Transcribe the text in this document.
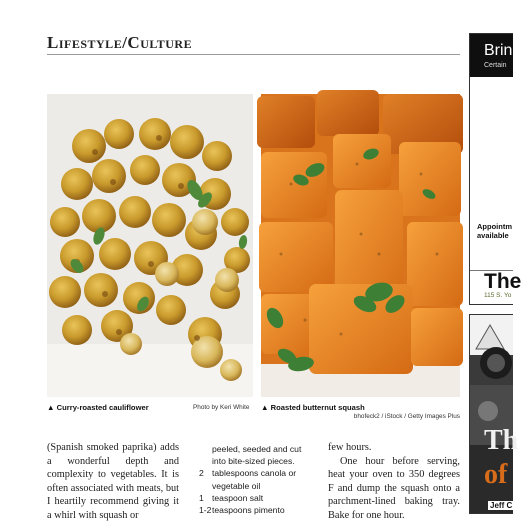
Lifestyle/Culture
▲ Curry-roasted cauliflower	Photo by Keri White ▲ Roasted butternut squash
bhofeck2 / iStock / Getty Images Plus

(Spanish smoked paprika) adds a wonderful depth and complexity to vegetables. It is often associated with meats, but I heartily recommend giving it a whirl with squash or

peeled, seeded and cut
into bite-sized pieces.
2 tablespoons canola or
vegetable oil
1 teaspoon salt
1-2 teaspoons pimento

few hours.

One hour before serving, heat your oven to 350 degrees F and dump the squash onto a parchment-lined baking tray. Bake for one hour.

Brin
Certain
Appointm
available
The
115 S. Yo
Th
of
Jeff C
